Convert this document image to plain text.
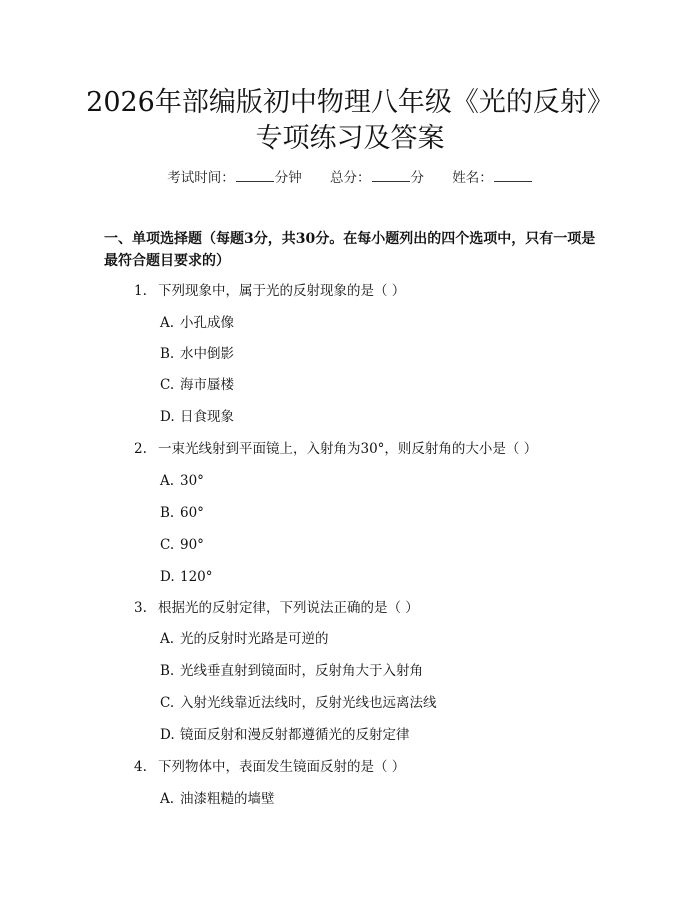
2026年部编版初中物理八年级《光的反射》
专项练习及答案
考试时间：	分钟 总分：	分 姓名：
一、单项选择题（每题3分，共30分。在每小题列出的四个选项中，只有一项是
最符合题目要求的）
1. 下列现象中，属于光的反射现象的是（ ）
A. 小孔成像
B. 水中倒影
C. 海市蜃楼
D. 日食现象
2. 一束光线射到平面镜上，入射角为30°，则反射角的大小是（ ）
A. 30°
B. 60°
C. 90°
D. 120°
3. 根据光的反射定律，下列说法正确的是（ ）
A. 光的反射时光路是可逆的
B. 光线垂直射到镜面时，反射角大于入射角
C. 入射光线靠近法线时，反射光线也远离法线
D. 镜面反射和漫反射都遵循光的反射定律
4. 下列物体中，表面发生镜面反射的是（ ）
A. 油漆粗糙的墙壁
